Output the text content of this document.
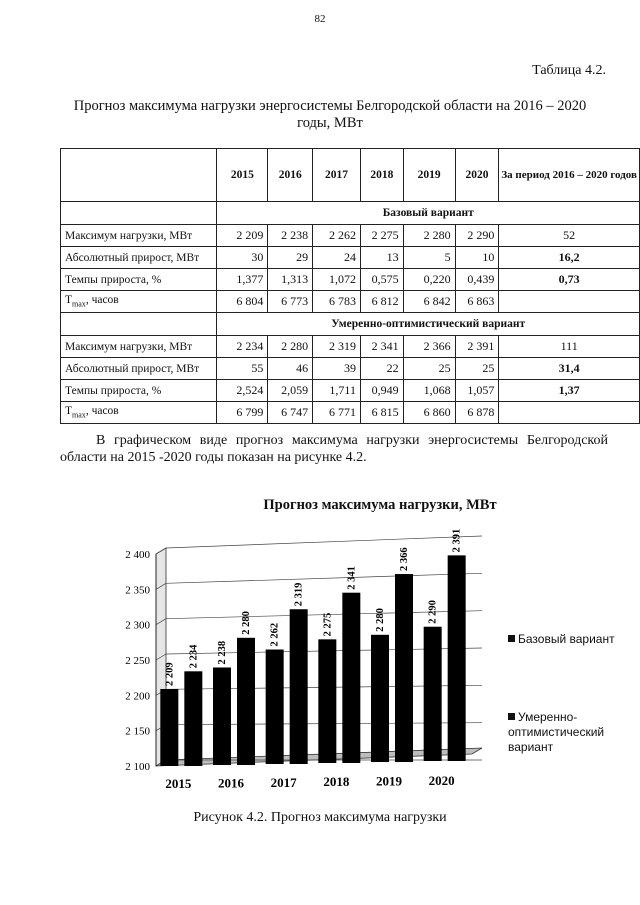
82
Таблица 4.2.
Прогноз максимума нагрузки энергосистемы Белгородской области на 2016 – 2020 годы, МВт
	2015	2016	2017	2018	2019	2020	За период 2016 – 2020 годов
	Базовый вариант						
Максимум нагрузки, МВт	2 209	2 238	2 262	2 275	2 280	2 290	52
Абсолютный прирост, МВт	30	29	24	13	5	10	16,2
Темпы прироста, %	1,377	1,313	1,072	0,575	0,220	0,439	0,73
$T_{max}$, часов	6 804	6 773	6 783	6 812	6 842	6 863	
	Умеренно-оптимистический вариант						
Максимум нагрузки, МВт	2 234	2 280	2 319	2 341	2 366	2 391	111
Абсолютный прирост, МВт	55	46	39	22	25	25	31,4
Темпы прироста, %	2,524	2,059	1,711	0,949	1,068	1,057	1,37
$T_{max}$, часов	6 799	6 747	6 771	6 815	6 860	6 878	
В графическом виде прогноз максимума нагрузки энергосистемы Белгородской области на 2015 -2020 годы показан на рисунке 4.2.
Прогноз максимума нагрузки, МВт
2 100
2 150
2 200
2 250
2 300
2 350
2 400
2 209
2 234
2015
2 238
2 280
2016
2 262
2 319
2017
2 275
2 341
2018
2 280
2 366
2019
2 290
2 391
2020
Базовый вариант
Умеренно-оптимистический вариант
Рисунок 4.2. Прогноз максимума нагрузки
